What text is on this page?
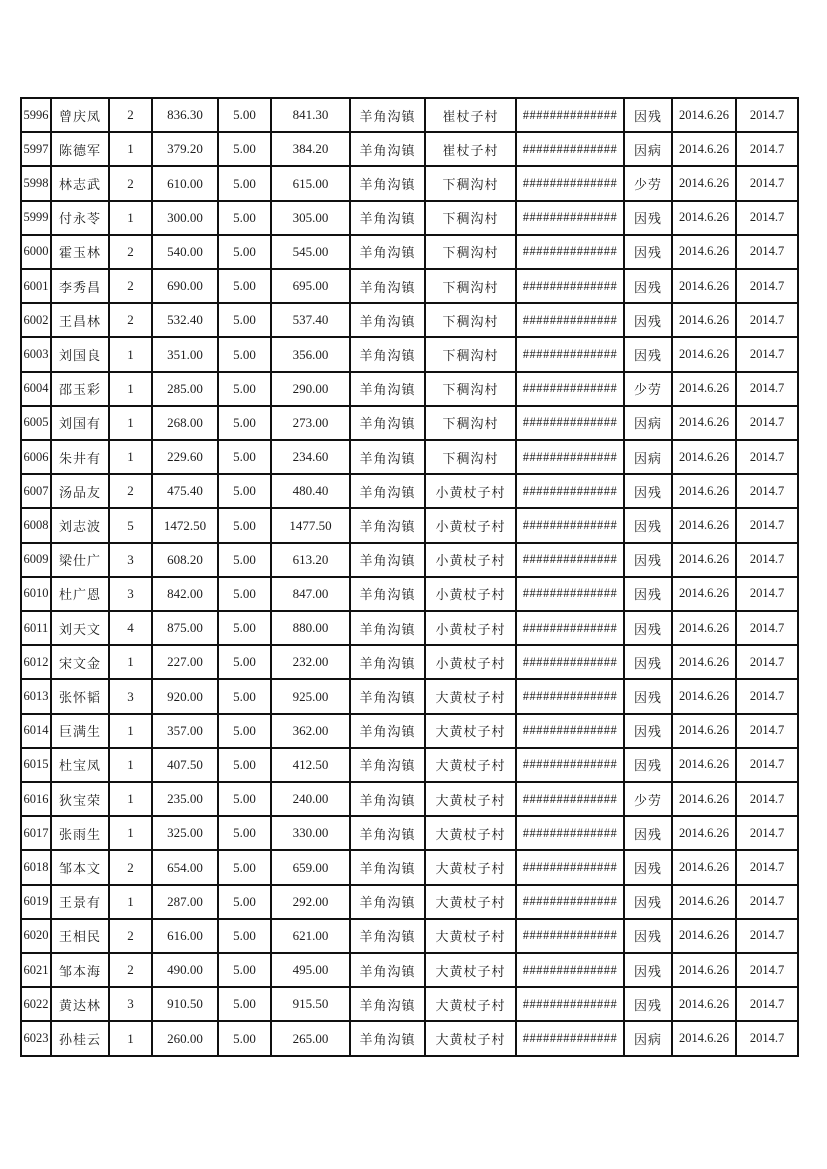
5996	曾庆凤	2	836.30	5.00	841.30	羊角沟镇	崔杖子村	##############	因残	2014.6.26	2014.7
5997	陈德军	1	379.20	5.00	384.20	羊角沟镇	崔杖子村	##############	因病	2014.6.26	2014.7
5998	林志武	2	610.00	5.00	615.00	羊角沟镇	下稠沟村	##############	少劳	2014.6.26	2014.7
5999	付永苓	1	300.00	5.00	305.00	羊角沟镇	下稠沟村	##############	因残	2014.6.26	2014.7
6000	霍玉林	2	540.00	5.00	545.00	羊角沟镇	下稠沟村	##############	因残	2014.6.26	2014.7
6001	李秀昌	2	690.00	5.00	695.00	羊角沟镇	下稠沟村	##############	因残	2014.6.26	2014.7
6002	王昌林	2	532.40	5.00	537.40	羊角沟镇	下稠沟村	##############	因残	2014.6.26	2014.7
6003	刘国良	1	351.00	5.00	356.00	羊角沟镇	下稠沟村	##############	因残	2014.6.26	2014.7
6004	邵玉彩	1	285.00	5.00	290.00	羊角沟镇	下稠沟村	##############	少劳	2014.6.26	2014.7
6005	刘国有	1	268.00	5.00	273.00	羊角沟镇	下稠沟村	##############	因病	2014.6.26	2014.7
6006	朱井有	1	229.60	5.00	234.60	羊角沟镇	下稠沟村	##############	因病	2014.6.26	2014.7
6007	汤品友	2	475.40	5.00	480.40	羊角沟镇	小黄杖子村	##############	因残	2014.6.26	2014.7
6008	刘志波	5	1472.50	5.00	1477.50	羊角沟镇	小黄杖子村	##############	因残	2014.6.26	2014.7
6009	梁仕广	3	608.20	5.00	613.20	羊角沟镇	小黄杖子村	##############	因残	2014.6.26	2014.7
6010	杜广恩	3	842.00	5.00	847.00	羊角沟镇	小黄杖子村	##############	因残	2014.6.26	2014.7
6011	刘天文	4	875.00	5.00	880.00	羊角沟镇	小黄杖子村	##############	因残	2014.6.26	2014.7
6012	宋文金	1	227.00	5.00	232.00	羊角沟镇	小黄杖子村	##############	因残	2014.6.26	2014.7
6013	张怀韬	3	920.00	5.00	925.00	羊角沟镇	大黄杖子村	##############	因残	2014.6.26	2014.7
6014	巨满生	1	357.00	5.00	362.00	羊角沟镇	大黄杖子村	##############	因残	2014.6.26	2014.7
6015	杜宝凤	1	407.50	5.00	412.50	羊角沟镇	大黄杖子村	##############	因残	2014.6.26	2014.7
6016	狄宝荣	1	235.00	5.00	240.00	羊角沟镇	大黄杖子村	##############	少劳	2014.6.26	2014.7
6017	张雨生	1	325.00	5.00	330.00	羊角沟镇	大黄杖子村	##############	因残	2014.6.26	2014.7
6018	邹本文	2	654.00	5.00	659.00	羊角沟镇	大黄杖子村	##############	因残	2014.6.26	2014.7
6019	王景有	1	287.00	5.00	292.00	羊角沟镇	大黄杖子村	##############	因残	2014.6.26	2014.7
6020	王相民	2	616.00	5.00	621.00	羊角沟镇	大黄杖子村	##############	因残	2014.6.26	2014.7
6021	邹本海	2	490.00	5.00	495.00	羊角沟镇	大黄杖子村	##############	因残	2014.6.26	2014.7
6022	黄达林	3	910.50	5.00	915.50	羊角沟镇	大黄杖子村	##############	因残	2014.6.26	2014.7
6023	孙桂云	1	260.00	5.00	265.00	羊角沟镇	大黄杖子村	##############	因病	2014.6.26	2014.7
